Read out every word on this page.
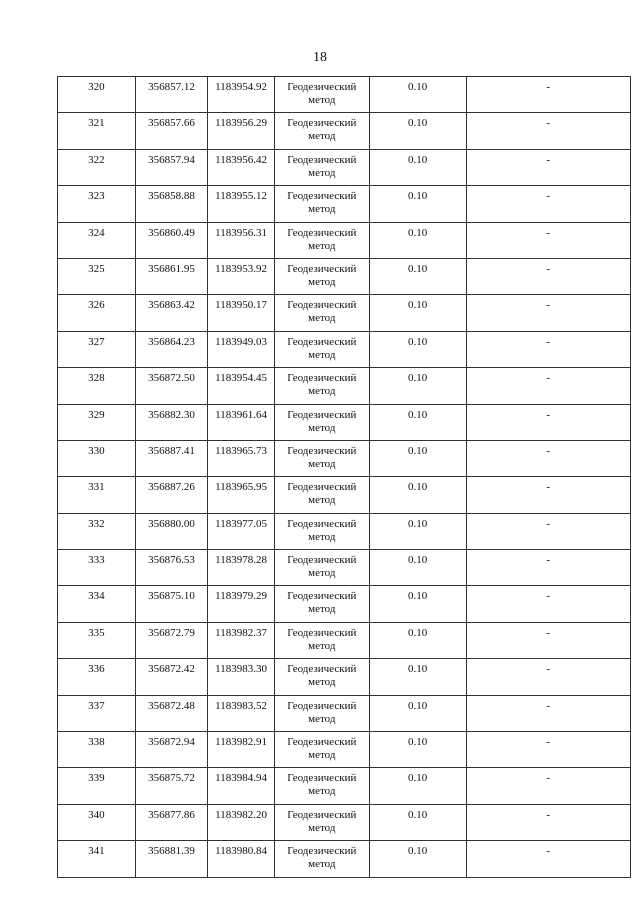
18
320	356857.12	1183954.92	Геодезический
метод	0.10	-

321	356857.66	1183956.29	Геодезический
метод	0.10	-

322	356857.94	1183956.42	Геодезический
метод	0.10	-

323	356858.88	1183955.12	Геодезический
метод	0.10	-

324	356860.49	1183956.31	Геодезический
метод	0.10	-

325	356861.95	1183953.92	Геодезический
метод	0.10	-

326	356863.42	1183950.17	Геодезический
метод	0.10	-

327	356864.23	1183949.03	Геодезический
метод	0.10	-

328	356872.50	1183954.45	Геодезический
метод	0.10	-

329	356882.30	1183961.64	Геодезический
метод	0.10	-

330	356887.41	1183965.73	Геодезический
метод	0.10	-

331	356887.26	1183965.95	Геодезический
метод	0.10	-

332	356880.00	1183977.05	Геодезический
метод	0.10	-

333	356876.53	1183978.28	Геодезический
метод	0.10	-

334	356875.10	1183979.29	Геодезический
метод	0.10	-

335	356872.79	1183982.37	Геодезический
метод	0.10	-

336	356872.42	1183983.30	Геодезический
метод	0.10	-

337	356872.48	1183983.52	Геодезический
метод	0.10	-

338	356872.94	1183982.91	Геодезический
метод	0.10	-

339	356875.72	1183984.94	Геодезический
метод	0.10	-

340	356877.86	1183982.20	Геодезический
метод	0.10	-

341	356881.39	1183980.84	Геодезический
метод	0.10	-
